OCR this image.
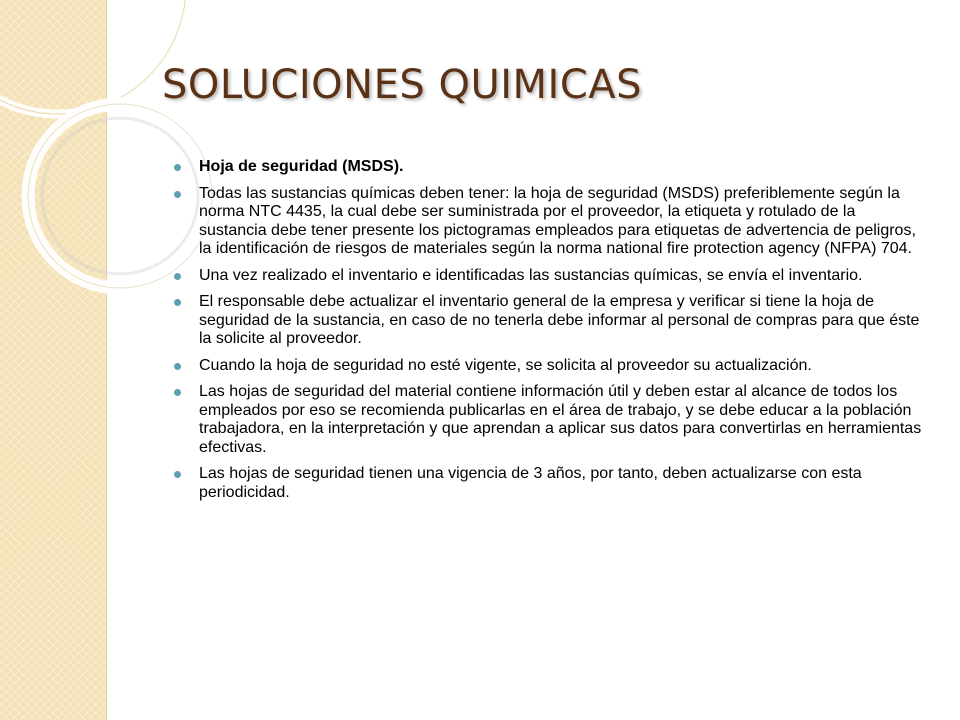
SOLUCIONES QUIMICAS
Hoja de seguridad (MSDS).
Todas las sustancias químicas deben tener: la hoja de seguridad (MSDS) preferiblemente según la norma NTC 4435, la cual debe ser suministrada por el proveedor, la etiqueta y rotulado de la sustancia debe tener presente los pictogramas empleados para etiquetas de advertencia de peligros, la identificación de riesgos de materiales según la norma national fire protection agency (NFPA) 704.
Una vez realizado el inventario e identificadas las sustancias químicas, se envía el inventario.
El responsable debe actualizar el inventario general de la empresa y verificar si tiene la hoja de seguridad de la sustancia, en caso de no tenerla debe informar al personal de compras para que éste la solicite al proveedor.
Cuando la hoja de seguridad no esté vigente, se solicita al proveedor su actualización.
Las hojas de seguridad del material contiene información útil y deben estar al alcance de todos los empleados por eso se recomienda publicarlas en el área de trabajo, y se debe educar a la población trabajadora, en la interpretación y que aprendan a aplicar sus datos para convertirlas en herramientas efectivas.
Las hojas de seguridad tienen una vigencia de 3 años, por tanto, deben actualizarse con esta periodicidad.
